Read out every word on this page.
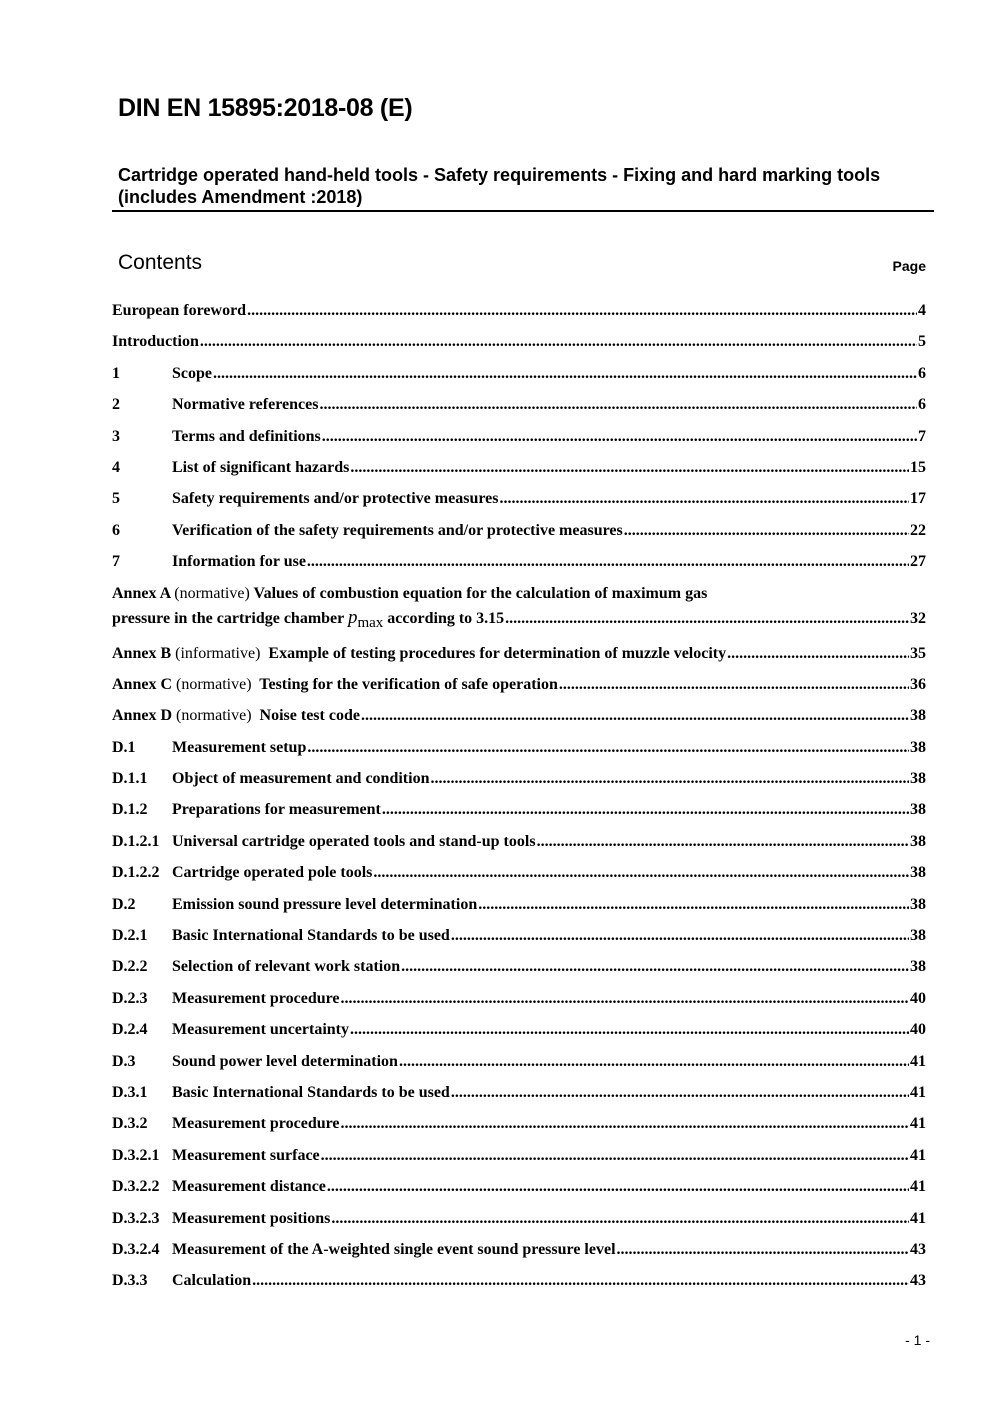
DIN EN 15895:2018-08 (E)
Cartridge operated hand-held tools - Safety requirements - Fixing and hard marking tools (includes Amendment :2018)
Contents	Page
European foreword .....	4
Introduction .....	5
1	Scope .....	6
2	Normative references .....	6
3	Terms and definitions .....	7
4	List of significant hazards .....	15
5	Safety requirements and/or protective measures .....	17
6	Verification of the safety requirements and/or protective measures .....	22
7	Information for use .....	27
Annex A (normative) Values of combustion equation for the calculation of maximum gas
pressure in the cartridge chamber pmax according to 3.15 .....	32
Annex B (informative) Example of testing procedures for determination of muzzle velocity .....	35
Annex C (normative) Testing for the verification of safe operation .....	36
Annex D (normative) Noise test code .....	38
D.1	Measurement setup .....	38
D.1.1	Object of measurement and condition .....	38
D.1.2	Preparations for measurement .....	38
D.1.2.1 Universal cartridge operated tools and stand-up tools .....	38
D.1.2.2 Cartridge operated pole tools .....	38
D.2	Emission sound pressure level determination .....	38
D.2.1	Basic International Standards to be used .....	38
D.2.2	Selection of relevant work station .....	38
D.2.3	Measurement procedure .....	40
D.2.4	Measurement uncertainty .....	40
D.3	Sound power level determination .....	41
D.3.1	Basic International Standards to be used .....	41
D.3.2	Measurement procedure .....	41
D.3.2.1 Measurement surface .....	41
D.3.2.2 Measurement distance .....	41
D.3.2.3 Measurement positions .....	41
D.3.2.4 Measurement of the A-weighted single event sound pressure level .....	43
D.3.3	Calculation .....	43
- 1 -
